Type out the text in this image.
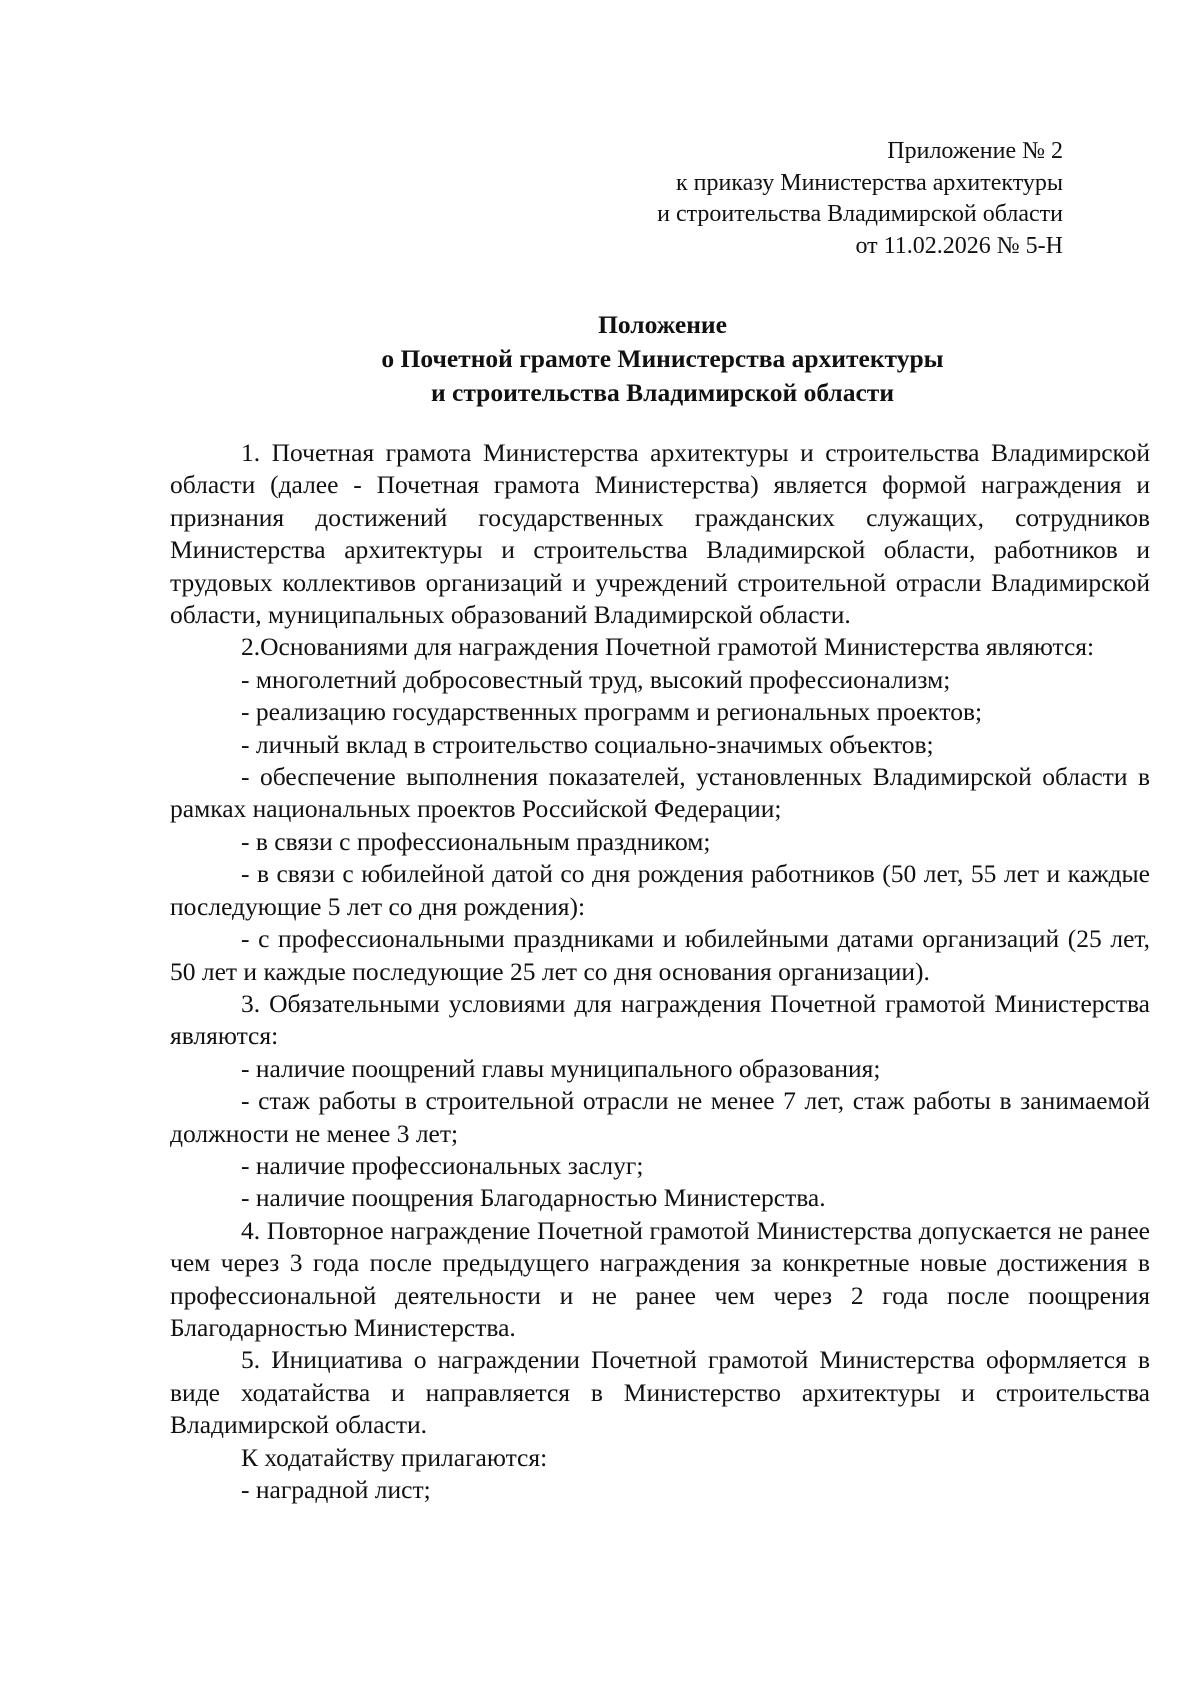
Приложение № 2
к приказу Министерства архитектуры
и строительства Владимирской области
от 11.02.2026 № 5-Н
Положение
о Почетной грамоте Министерства архитектуры
и строительства Владимирской области

1. Почетная грамота Министерства архитектуры и строительства Владимирской области (далее - Почетная грамота Министерства) является формой награждения и признания достижений государственных гражданских служащих, сотрудников Министерства архитектуры и строительства Владимирской области, работников и трудовых коллективов организаций и учреждений строительной отрасли Владимирской области, муниципальных образований Владимирской области.

2.Основаниями для награждения Почетной грамотой Министерства являются:

- многолетний добросовестный труд, высокий профессионализм;

- реализацию государственных программ и региональных проектов;

- личный вклад в строительство социально-значимых объектов;

- обеспечение выполнения показателей, установленных Владимирской области в рамках национальных проектов Российской Федерации;

- в связи с профессиональным праздником;

- в связи с юбилейной датой со дня рождения работников (50 лет, 55 лет и каждые последующие 5 лет со дня рождения):

- с профессиональными праздниками и юбилейными датами организаций (25 лет, 50 лет и каждые последующие 25 лет со дня основания организации).

3. Обязательными условиями для награждения Почетной грамотой Министерства являются:

- наличие поощрений главы муниципального образования;

- стаж работы в строительной отрасли не менее 7 лет, стаж работы в занимаемой должности не менее 3 лет;

- наличие профессиональных заслуг;

- наличие поощрения Благодарностью Министерства.

4. Повторное награждение Почетной грамотой Министерства допускается не ранее чем через 3 года после предыдущего награждения за конкретные новые достижения в профессиональной деятельности и не ранее чем через 2 года после поощрения Благодарностью Министерства.

5. Инициатива о награждении Почетной грамотой Министерства оформляется в виде ходатайства и направляется в Министерство архитектуры и строительства Владимирской области.

К ходатайству прилагаются:

- наградной лист;
